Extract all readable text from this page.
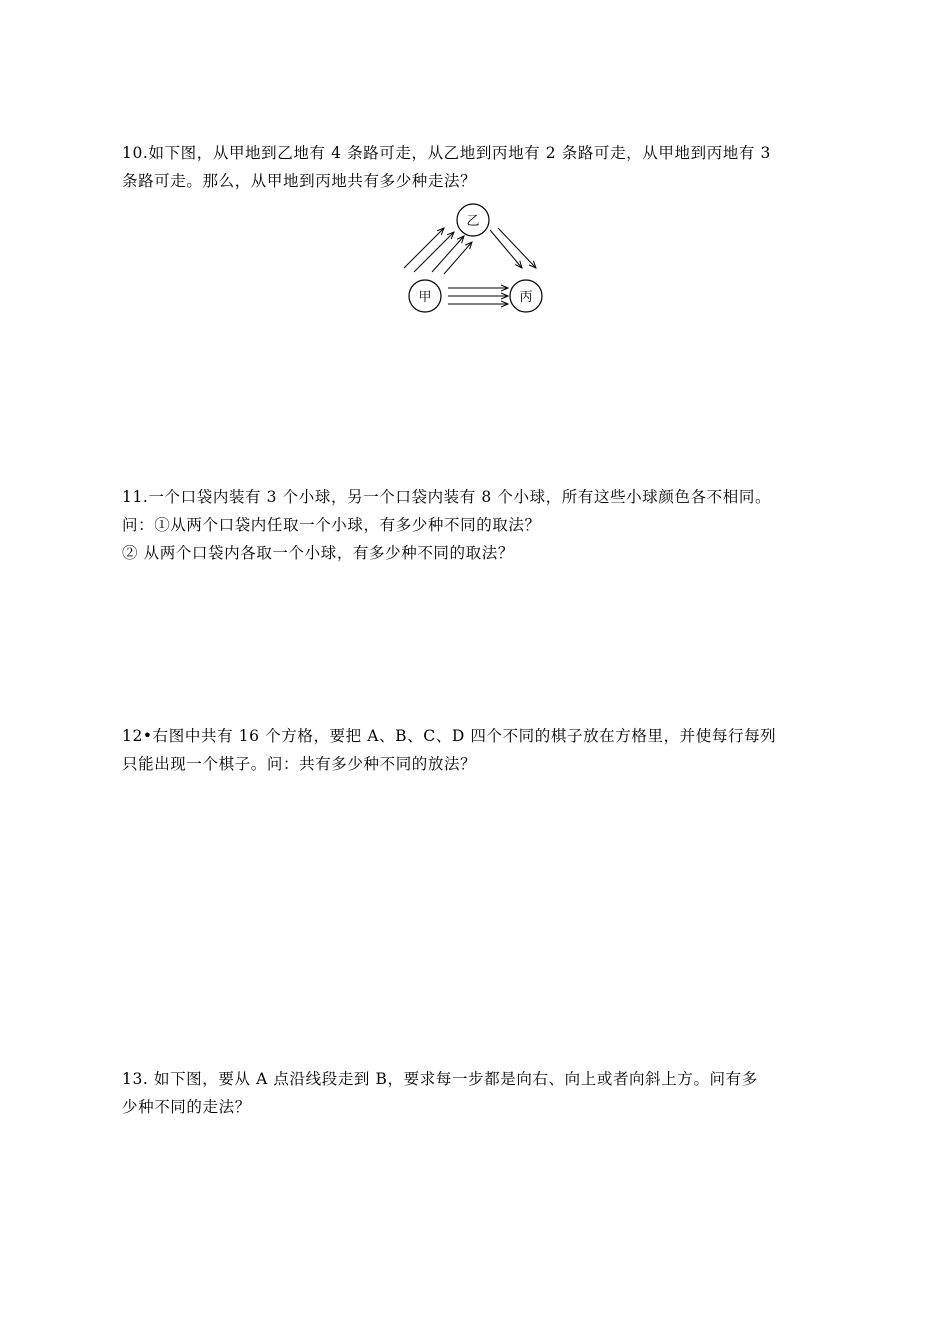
10.如下图，从甲地到乙地有 4 条路可走，从乙地到丙地有 2 条路可走，从甲地到丙地有 3
条路可走。那么，从甲地到丙地共有多少种走法？
乙
甲	丙
11.一个口袋内装有 3 个小球，另一个口袋内装有 8 个小球，所有这些小球颜色各不相同。
问：①从两个口袋内任取一个小球，有多少种不同的取法？
② 从两个口袋内各取一个小球，有多少种不同的取法？
12•右图中共有 16 个方格，要把 A、B、C、D 四个不同的棋子放在方格里，并使每行每列
只能出现一个棋子。问：共有多少种不同的放法？
13. 如下图，要从 A 点沿线段走到 B，要求每一步都是向右、向上或者向斜上方。问有多
少种不同的走法？
